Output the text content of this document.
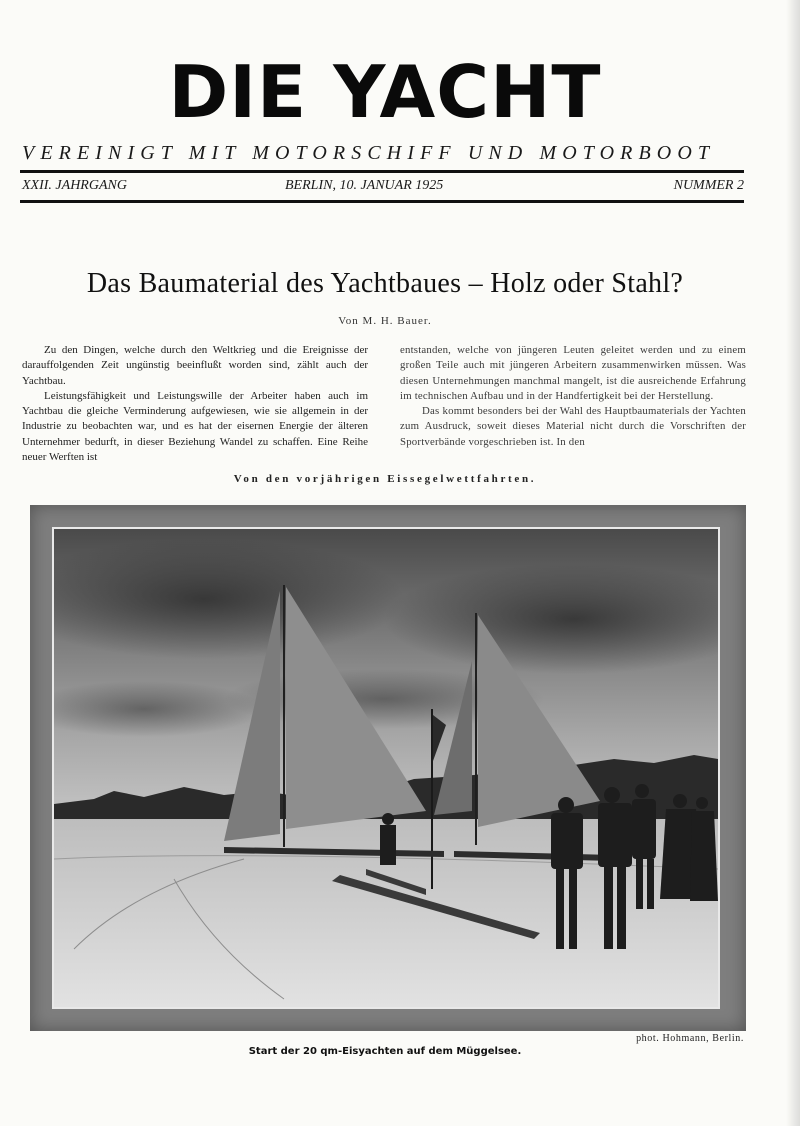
DIE YACHT
VEREINIGT MIT MOTORSCHIFF UND MOTORBOOT
XXII. JAHRGANG	BERLIN, 10. JANUAR 1925	NUMMER 2
Das Baumaterial des Yachtbaues – Holz oder Stahl?
Von M. H. Bauer.

Zu den Dingen, welche durch den Weltkrieg und die Ereignisse der darauffolgenden Zeit ungünstig beeinflußt worden sind, zählt auch der Yachtbau.

Leistungsfähigkeit und Leistungswille der Arbeiter haben auch im Yachtbau die gleiche Verminderung aufgewiesen, wie sie allgemein in der Industrie zu beobachten war, und es hat der eisernen Energie der älteren Unternehmer bedurft, in dieser Beziehung Wandel zu schaffen. Eine Reihe neuer Werften ist

entstanden, welche von jüngeren Leuten geleitet werden und zu einem großen Teile auch mit jüngeren Arbeitern zusammenwirken müssen. Was diesen Unternehmungen manchmal mangelt, ist die ausreichende Erfahrung im technischen Aufbau und in der Handfertigkeit bei der Herstellung.

Das kommt besonders bei der Wahl des Hauptbaumaterials der Yachten zum Ausdruck, soweit dieses Material nicht durch die Vorschriften der Sportverbände vorgeschrieben ist. In den

Von den vorjährigen Eissegelwettfahrten.
phot. Hohmann, Berlin.
Start der 20 qm-Eisyachten auf dem Müggelsee.
